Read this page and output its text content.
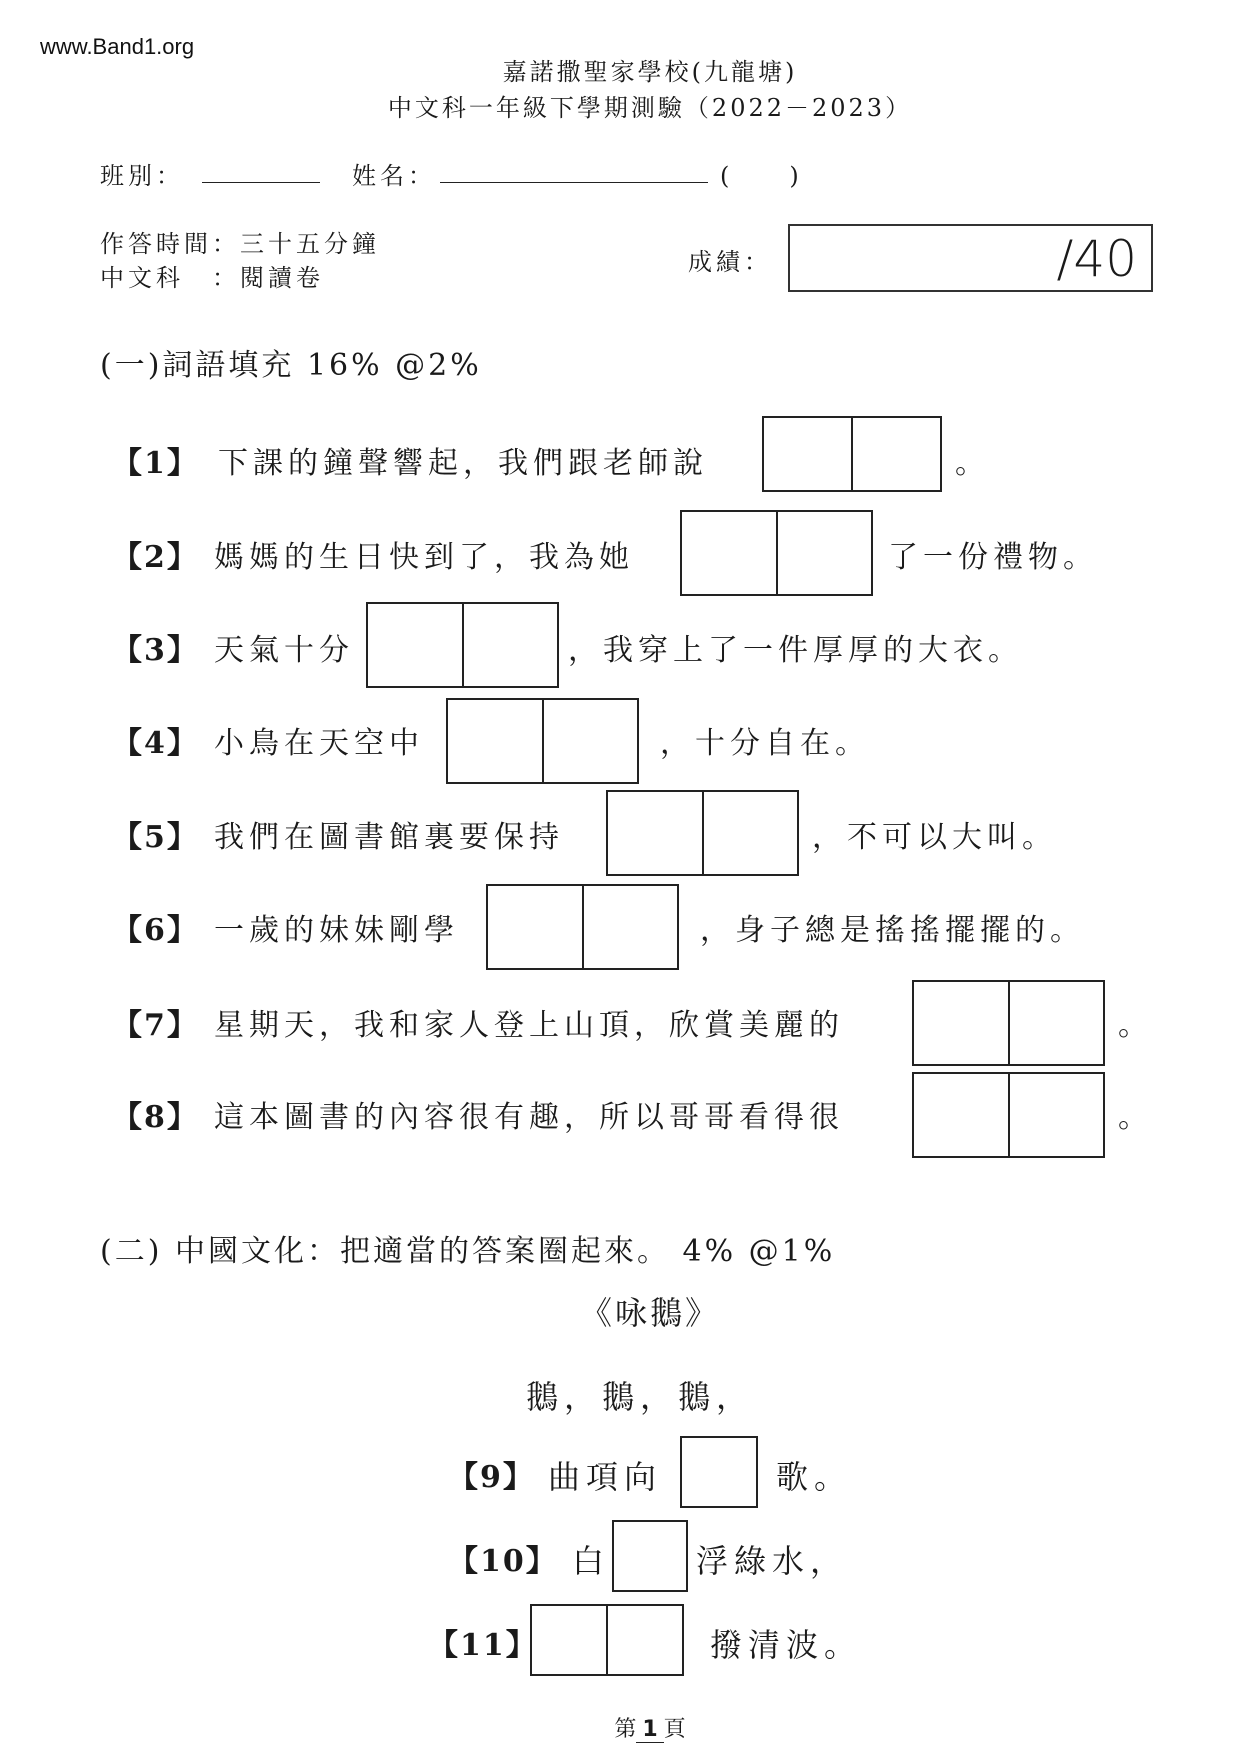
www.Band1.org
嘉諾撒聖家學校(九龍塘)
中文科一年級下學期測驗（2022－2023）
班別：	姓名：	(　　)
作答時間：三十五分鐘
中文科　：閱讀卷
成績：	/40
(一)詞語填充 16% @2%
【1】 下課的鐘聲響起，我們跟老師說	。
【2】 媽媽的生日快到了，我為她	了一份禮物。
【3】 天氣十分	，我穿上了一件厚厚的大衣。
【4】 小鳥在天空中	，十分自在。
【5】 我們在圖書館裏要保持	，不可以大叫。
【6】 一歲的妹妹剛學	，身子總是搖搖擺擺的。
【7】 星期天，我和家人登上山頂，欣賞美麗的	。
【8】 這本圖書的內容很有趣，所以哥哥看得很	。
(二) 中國文化：把適當的答案圈起來。 4% @1%
《咏鵝》
鵝，鵝，鵝，
【9】 曲項向	歌。
【10】 白	浮綠水，
【11】	撥清波。
第 1 頁
